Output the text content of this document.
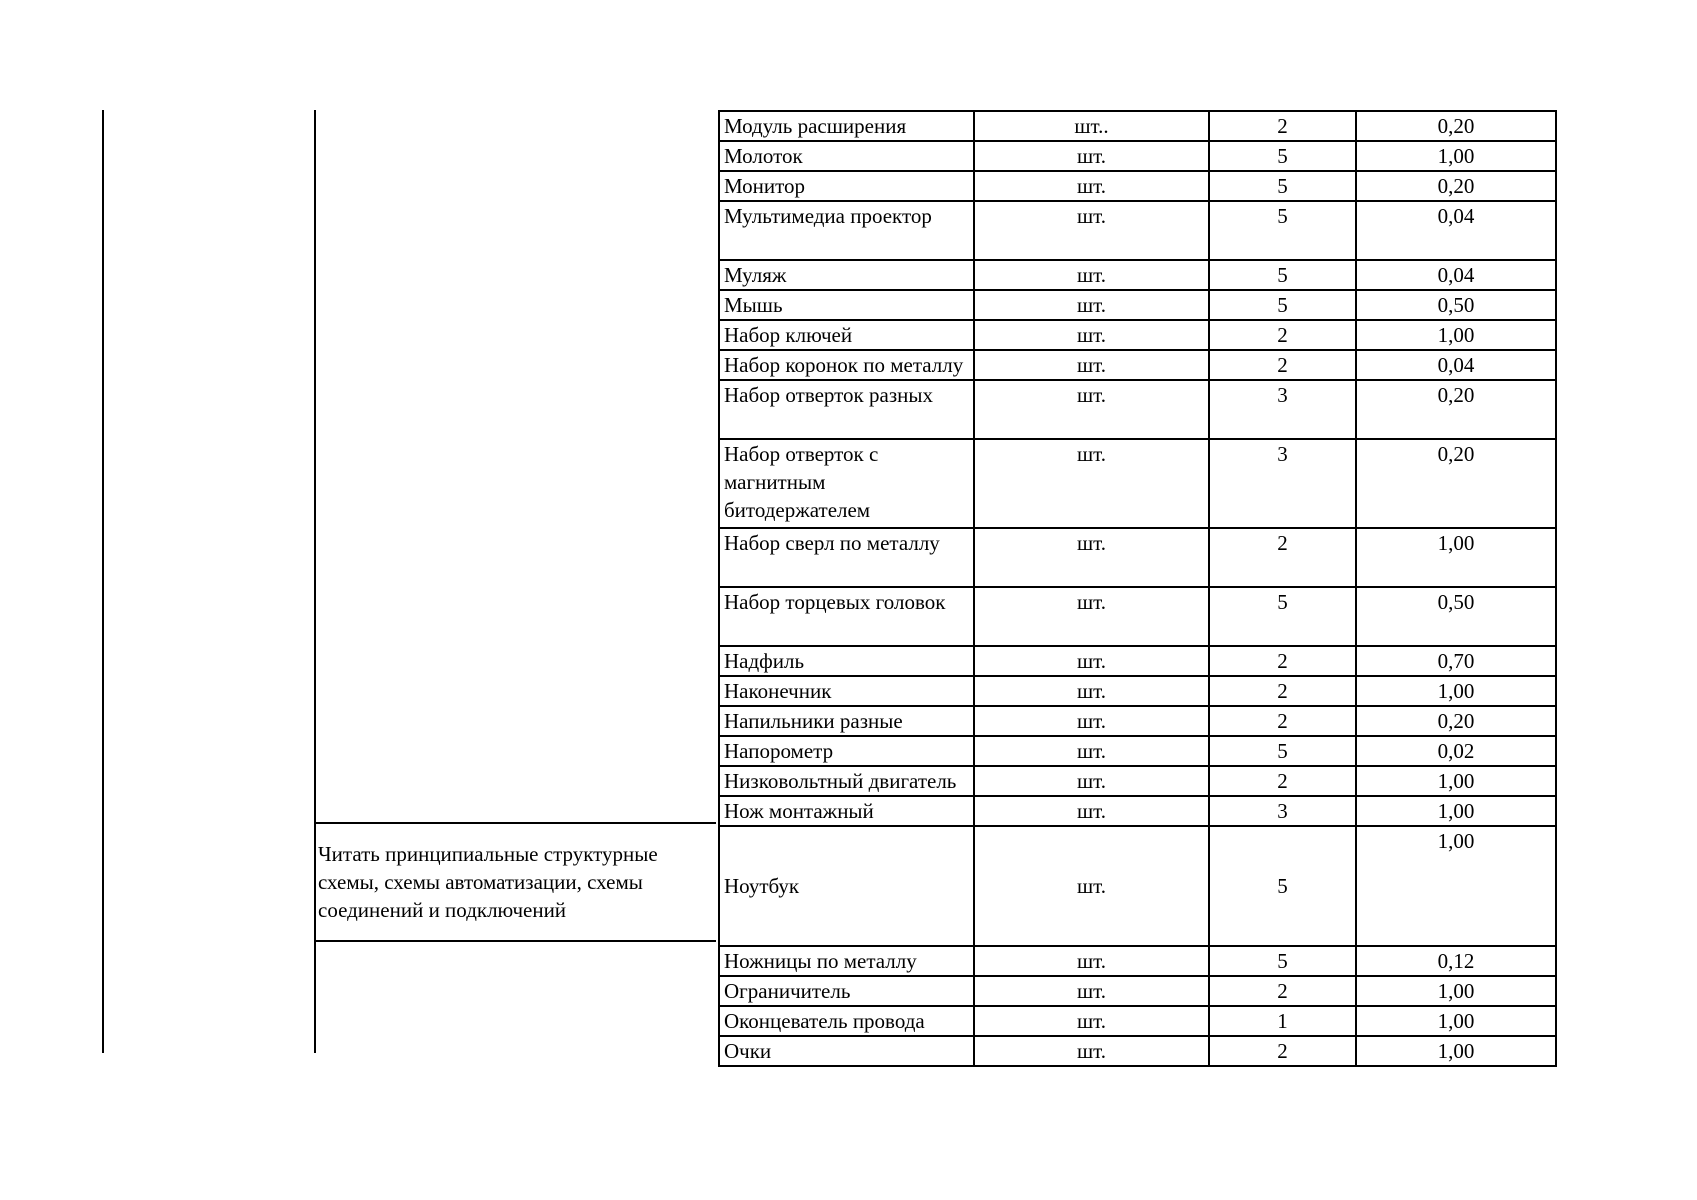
Читать принципиальные структурные схемы, схемы автоматизации, схемы соединений и подключений
Модуль расширения	шт..	2	0,20
Молоток	шт.	5	1,00
Монитор	шт.	5	0,20
Мультимедиа проектор	шт.	5	0,04
Муляж	шт.	5	0,04
Мышь	шт.	5	0,50
Набор ключей	шт.	2	1,00
Набор коронок по металлу	шт.	2	0,04
Набор отверток разных	шт.	3	0,20
Набор отверток с магнитным битодержателем	шт.	3	0,20
Набор сверл по металлу	шт.	2	1,00
Набор торцевых головок	шт.	5	0,50
Надфиль	шт.	2	0,70
Наконечник	шт.	2	1,00
Напильники разные	шт.	2	0,20
Напорометр	шт.	5	0,02
Низковольтный двигатель	шт.	2	1,00
Нож монтажный	шт.	3	1,00
Ноутбук	шт.	5	1,00
Ножницы по металлу	шт.	5	0,12
Ограничитель	шт.	2	1,00
Оконцеватель провода	шт.	1	1,00
Очки	шт.	2	1,00
